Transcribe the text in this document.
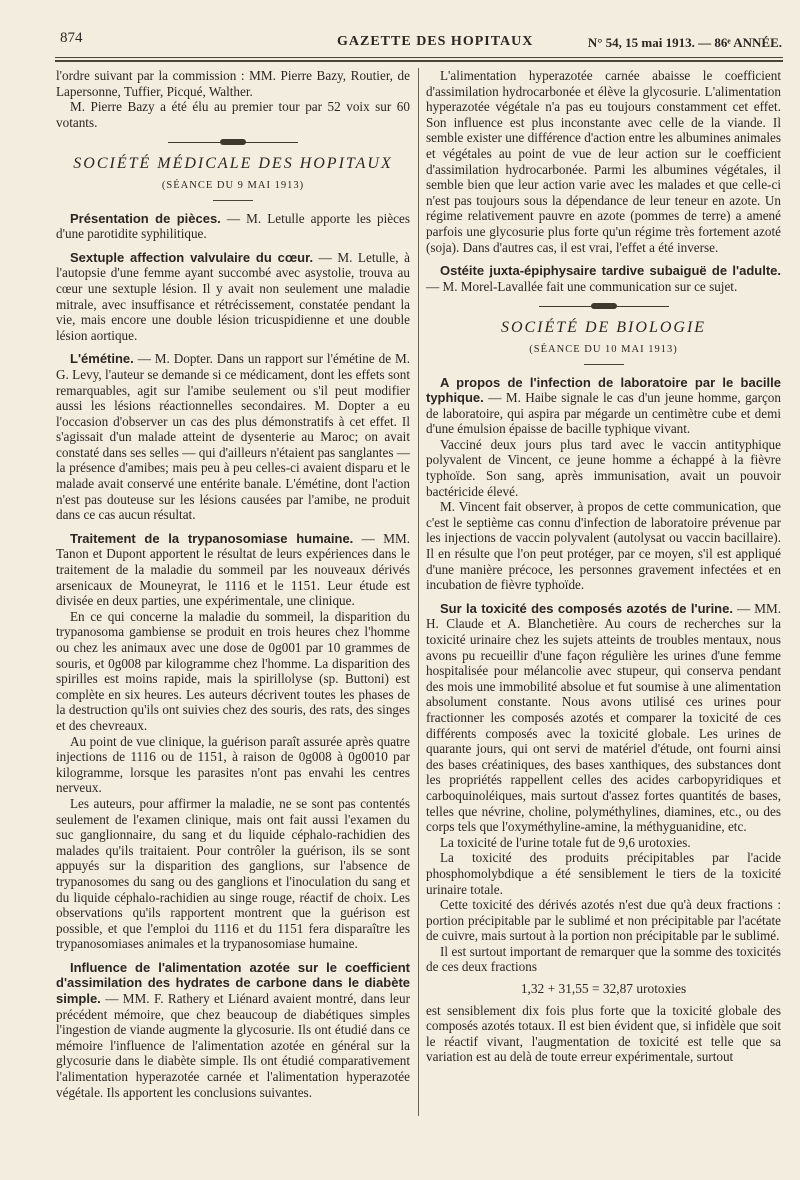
874	GAZETTE DES HOPITAUX	N° 54, 15 mai 1913. — 86ᵉ ANNÉE.

l'ordre suivant par la commission : MM. Pierre Bazy, Routier, de Lapersonne, Tuffier, Picqué, Walther.

M. Pierre Bazy a été élu au premier tour par 52 voix sur 60 votants.

SOCIÉTÉ MÉDICALE DES HOPITAUX
(SÉANCE DU 9 MAI 1913)

Présentation de pièces. — M. Letulle apporte les pièces d'une parotidite syphilitique.

Sextuple affection valvulaire du cœur. — M. Letulle, à l'autopsie d'une femme ayant succombé avec asystolie, trouva au cœur une sextuple lésion. Il y avait non seulement une maladie mitrale, avec insuffisance et rétrécissement, constatée pendant la vie, mais encore une double lésion tricuspidienne et une double lésion aortique.

L'émétine. — M. Dopter. Dans un rapport sur l'émétine de M. G. Levy, l'auteur se demande si ce médicament, dont les effets sont remarquables, agit sur l'amibe seulement ou s'il peut modifier aussi les lésions réactionnelles secondaires. M. Dopter a eu l'occasion d'observer un cas des plus démonstratifs à cet effet. Il s'agissait d'un malade atteint de dysenterie au Maroc; on avait constaté dans ses selles — qui d'ailleurs n'étaient pas sanglantes — la présence d'amibes; mais peu à peu celles-ci avaient disparu et le malade avait conservé une entérite banale. L'émétine, dont l'action n'est pas douteuse sur les lésions causées par l'amibe, ne produit dans ce cas aucun résultat.

Traitement de la trypanosomiase humaine. — MM. Tanon et Dupont apportent le résultat de leurs expériences dans le traitement de la maladie du sommeil par les nouveaux dérivés arsenicaux de Mouneyrat, le 1116 et le 1151. Leur étude est divisée en deux parties, une expérimentale, une clinique.

En ce qui concerne la maladie du sommeil, la disparition du trypanosoma gambiense se produit en trois heures chez l'homme ou chez les animaux avec une dose de 0g001 par 10 grammes de souris, et 0g008 par kilogramme chez l'homme. La disparition des spirilles est moins rapide, mais la spirillolyse (sp. Buttoni) est complète en six heures. Les auteurs décrivent toutes les phases de la destruction qu'ils ont suivies chez des souris, des rats, des singes et des chevreaux.

Au point de vue clinique, la guérison paraît assurée après quatre injections de 1116 ou de 1151, à raison de 0g008 à 0g0010 par kilogramme, lorsque les parasites n'ont pas envahi les centres nerveux.

Les auteurs, pour affirmer la maladie, ne se sont pas contentés seulement de l'examen clinique, mais ont fait aussi l'examen du suc ganglionnaire, du sang et du liquide céphalo-rachidien des malades qu'ils traitaient. Pour contrôler la guérison, ils se sont appuyés sur la disparition des ganglions, sur l'absence de trypanosomes du sang ou des ganglions et l'inoculation du sang et du liquide céphalo-rachidien au singe rouge, réactif de choix. Les observations qu'ils rapportent montrent que la guérison est possible, et que l'emploi du 1116 et du 1151 fera disparaître les trypanosomiases animales et la trypanosomiase humaine.

Influence de l'alimentation azotée sur le coefficient d'assimilation des hydrates de carbone dans le diabète simple. — MM. F. Rathery et Liénard avaient montré, dans leur précédent mémoire, que chez beaucoup de diabétiques simples l'ingestion de viande augmente la glycosurie. Ils ont étudié dans ce mémoire l'influence de l'alimentation azotée en général sur la glycosurie dans le diabète simple. Ils ont étudié comparativement l'alimentation hyperazotée carnée et l'alimentation hyperazotée végétale. Ils apportent les conclusions suivantes.

L'alimentation hyperazotée carnée abaisse le coefficient d'assimilation hydrocarbonée et élève la glycosurie. L'alimentation hyperazotée végétale n'a pas eu toujours constamment cet effet. Son influence est plus inconstante avec celle de la viande. Il semble exister une différence d'action entre les albumines animales et végétales au point de vue de leur action sur le coefficient d'assimilation hydrocarbonée. Parmi les albumines végétales, il semble bien que leur action varie avec les malades et que celle-ci n'est pas toujours sous la dépendance de leur teneur en azote. Un régime relativement pauvre en azote (pommes de terre) a amené parfois une glycosurie plus forte qu'un régime très fortement azoté (soja). Dans d'autres cas, il est vrai, l'effet a été inverse.

Ostéite juxta-épiphysaire tardive subaiguë de l'adulte. — M. Morel-Lavallée fait une communication sur ce sujet.

SOCIÉTÉ DE BIOLOGIE
(SÉANCE DU 10 MAI 1913)

A propos de l'infection de laboratoire par le bacille typhique. — M. Haibe signale le cas d'un jeune homme, garçon de laboratoire, qui aspira par mégarde un centimètre cube et demi d'une émulsion épaisse de bacille typhique vivant.

Vacciné deux jours plus tard avec le vaccin antityphique polyvalent de Vincent, ce jeune homme a échappé à la fièvre typhoïde. Son sang, après immunisation, avait un pouvoir bactéricide élevé.

M. Vincent fait observer, à propos de cette communication, que c'est le septième cas connu d'infection de laboratoire prévenue par les injections de vaccin polyvalent (autolysat ou vaccin bacillaire). Il en résulte que l'on peut protéger, par ce moyen, s'il est appliqué d'une manière précoce, les personnes gravement infectées et en incubation de fièvre typhoïde.

Sur la toxicité des composés azotés de l'urine. — MM. H. Claude et A. Blanchetière. Au cours de recherches sur la toxicité urinaire chez les sujets atteints de troubles mentaux, nous avons pu recueillir d'une façon régulière les urines d'une femme hospitalisée pour mélancolie avec stupeur, qui conserva pendant des mois une immobilité absolue et fut soumise à une alimentation absolument constante. Nous avons utilisé ces urines pour fractionner les composés azotés et comparer la toxicité de ces différents composés avec la toxicité globale. Les urines de quarante jours, qui ont servi de matériel d'étude, ont fourni ainsi des bases créatiniques, des bases xanthiques, des substances dont les propriétés rappellent celles des acides carbopyridiques et carboquinoléiques, mais surtout d'assez fortes quantités de bases, telles que névrine, choline, polyméthylines, diamines, etc., ou des corps tels que l'oxyméthyline-amine, la méthyguanidine, etc.

La toxicité de l'urine totale fut de 9,6 urotoxies.

La toxicité des produits précipitables par l'acide phosphomolybdique a été sensiblement le tiers de la toxicité urinaire totale.

Cette toxicité des dérivés azotés n'est due qu'à deux fractions : portion précipitable par le sublimé et non précipitable par l'acétate de cuivre, mais surtout à la portion non précipitable par le sublimé.

Il est surtout important de remarquer que la somme des toxicités de ces deux fractions

1,32 + 31,55 = 32,87 urotoxies

est sensiblement dix fois plus forte que la toxicité globale des composés azotés totaux. Il est bien évident que, si infidèle que soit le réactif vivant, l'augmentation de toxicité est telle que sa variation est au delà de toute erreur expérimentale, surtout
